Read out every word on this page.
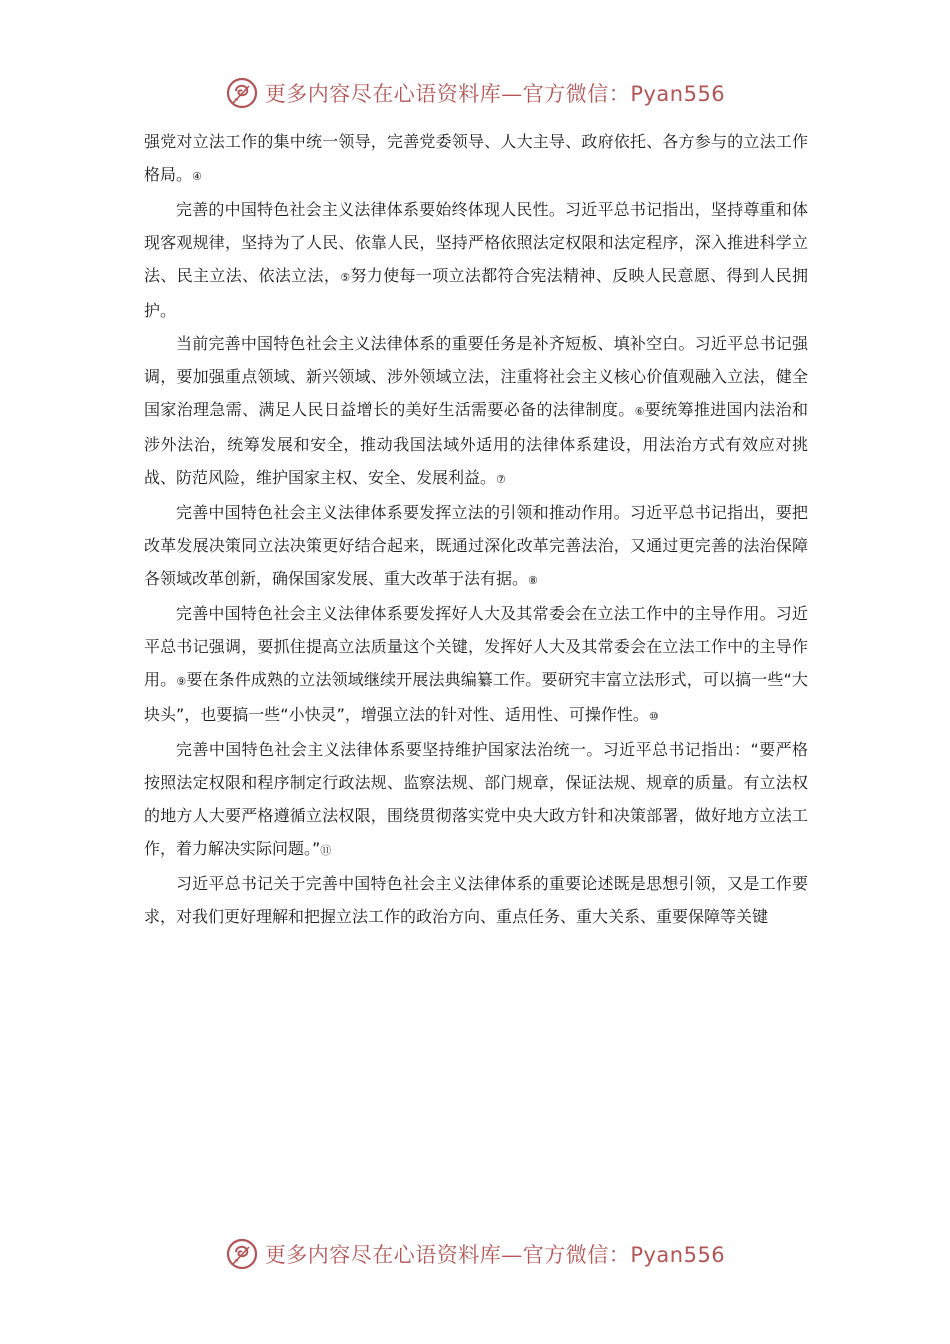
更多内容尽在心语资料库—官方微信：Pyan556

强党对立法工作的集中统一领导，完善党委领导、人大主导、政府依托、各方参与的立法工作格局。④

完善的中国特色社会主义法律体系要始终体现人民性。习近平总书记指出，坚持尊重和体现客观规律，坚持为了人民、依靠人民，坚持严格依照法定权限和法定程序，深入推进科学立法、民主立法、依法立法，⑤努力使每一项立法都符合宪法精神、反映人民意愿、得到人民拥护。

当前完善中国特色社会主义法律体系的重要任务是补齐短板、填补空白。习近平总书记强调，要加强重点领域、新兴领域、涉外领域立法，注重将社会主义核心价值观融入立法，健全国家治理急需、满足人民日益增长的美好生活需要必备的法律制度。⑥要统筹推进国内法治和涉外法治，统筹发展和安全，推动我国法域外适用的法律体系建设，用法治方式有效应对挑战、防范风险，维护国家主权、安全、发展利益。⑦

完善中国特色社会主义法律体系要发挥立法的引领和推动作用。习近平总书记指出，要把改革发展决策同立法决策更好结合起来，既通过深化改革完善法治，又通过更完善的法治保障各领域改革创新，确保国家发展、重大改革于法有据。⑧

完善中国特色社会主义法律体系要发挥好人大及其常委会在立法工作中的主导作用。习近平总书记强调，要抓住提高立法质量这个关键，发挥好人大及其常委会在立法工作中的主导作用。⑨要在条件成熟的立法领域继续开展法典编纂工作。要研究丰富立法形式，可以搞一些“大块头”，也要搞一些“小快灵”，增强立法的针对性、适用性、可操作性。⑩

完善中国特色社会主义法律体系要坚持维护国家法治统一。习近平总书记指出：“要严格按照法定权限和程序制定行政法规、监察法规、部门规章，保证法规、规章的质量。有立法权的地方人大要严格遵循立法权限，围绕贯彻落实党中央大政方针和决策部署，做好地方立法工作，着力解决实际问题。”⑪

习近平总书记关于完善中国特色社会主义法律体系的重要论述既是思想引领，又是工作要求，对我们更好理解和把握立法工作的政治方向、重点任务、重大关系、重要保障等关键

更多内容尽在心语资料库—官方微信：Pyan556
